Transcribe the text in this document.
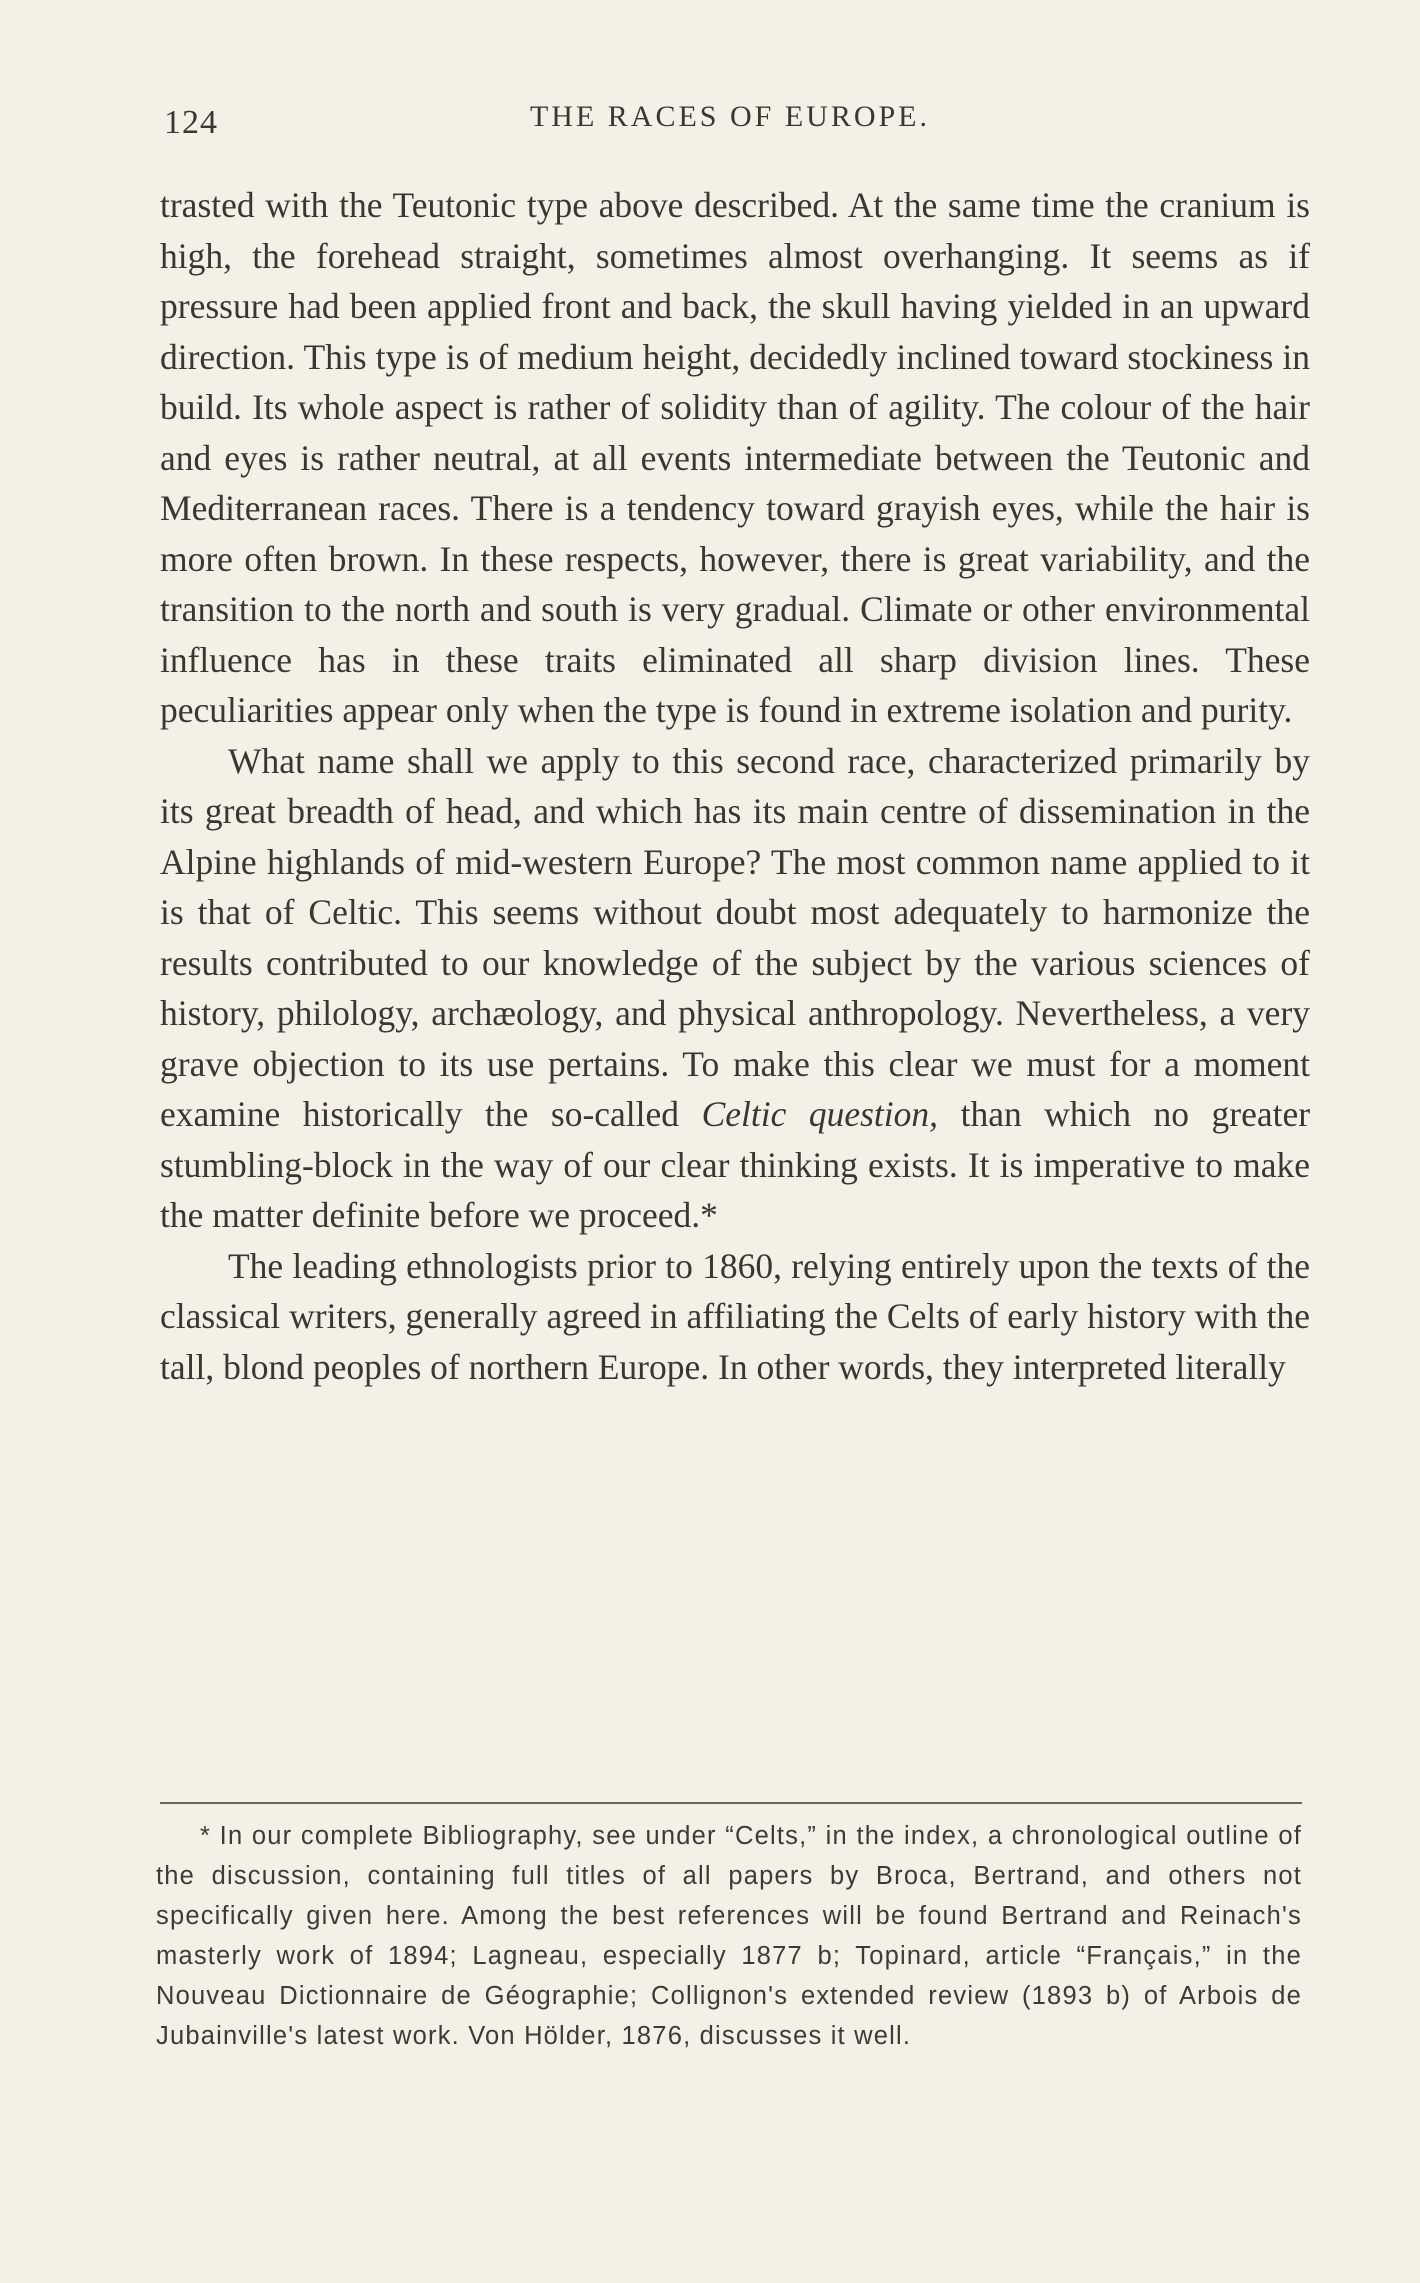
124	THE RACES OF EUROPE.

trasted with the Teutonic type above described. At the same time the cranium is high, the forehead straight, sometimes almost overhanging. It seems as if pressure had been applied front and back, the skull having yielded in an upward direction. This type is of medium height, decidedly inclined toward stockiness in build. Its whole aspect is rather of solidity than of agility. The colour of the hair and eyes is rather neutral, at all events intermediate between the Teutonic and Mediterranean races. There is a tendency toward grayish eyes, while the hair is more often brown. In these respects, however, there is great variability, and the transition to the north and south is very gradual. Climate or other environmental influence has in these traits eliminated all sharp division lines. These peculiarities appear only when the type is found in extreme isolation and purity.

What name shall we apply to this second race, characterized primarily by its great breadth of head, and which has its main centre of dissemination in the Alpine highlands of mid-western Europe? The most common name applied to it is that of Celtic. This seems without doubt most adequately to harmonize the results contributed to our knowledge of the subject by the various sciences of history, philology, archæology, and physical anthropology. Nevertheless, a very grave objection to its use pertains. To make this clear we must for a moment examine historically the so-called Celtic question, than which no greater stumbling-block in the way of our clear thinking exists. It is imperative to make the matter definite before we proceed.*

The leading ethnologists prior to 1860, relying entirely upon the texts of the classical writers, generally agreed in affiliating the Celts of early history with the tall, blond peoples of northern Europe. In other words, they interpreted literally

* In our complete Bibliography, see under “Celts,” in the index, a chronological outline of the discussion, containing full titles of all papers by Broca, Bertrand, and others not specifically given here. Among the best references will be found Bertrand and Reinach's masterly work of 1894; Lagneau, especially 1877 b; Topinard, article “Français,” in the Nouveau Dictionnaire de Géographie; Collignon's extended review (1893 b) of Arbois de Jubainville's latest work. Von Hölder, 1876, discusses it well.
